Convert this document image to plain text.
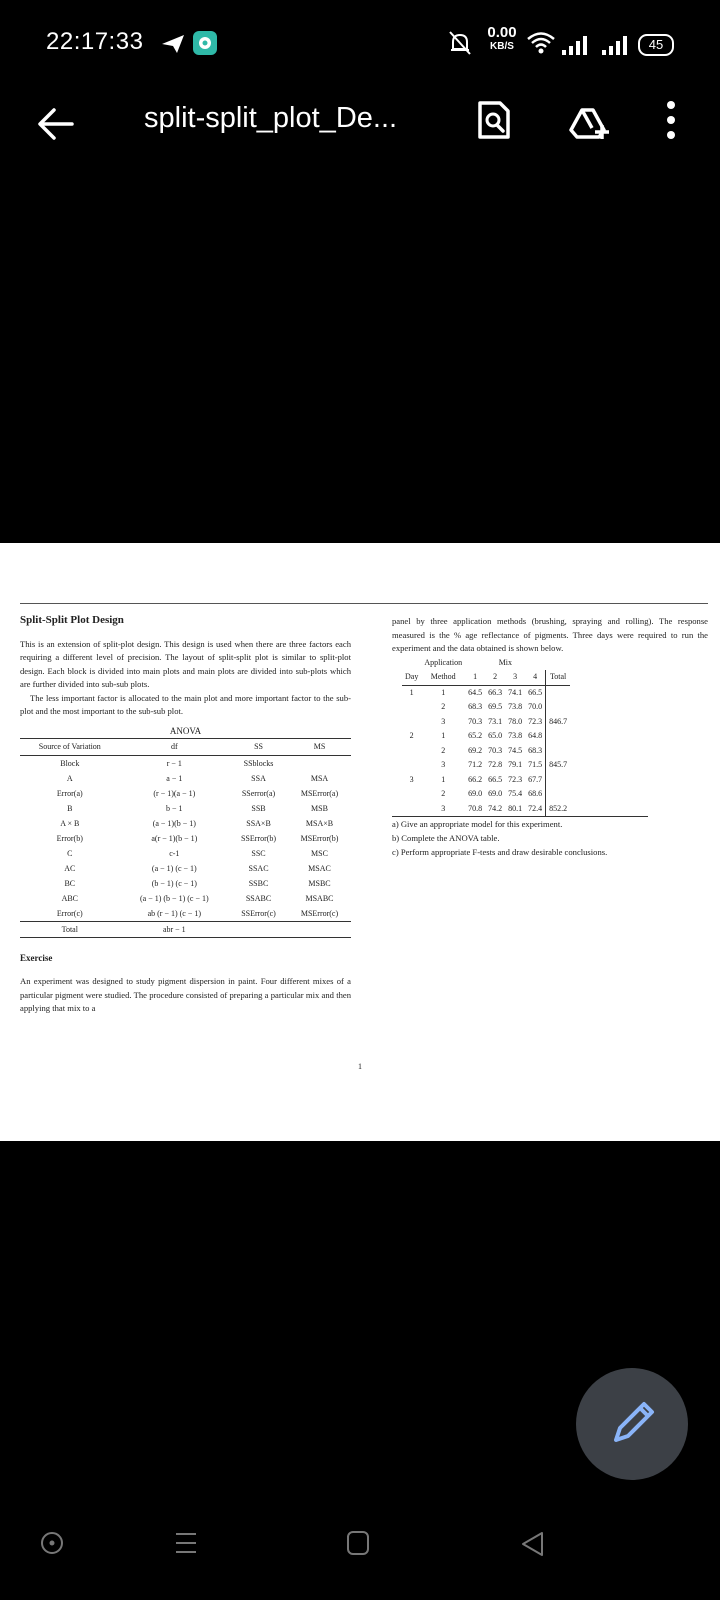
22:17:33	0.00
KB/S	45
split-split_plot_De...
Split-Split Plot Design

This is an extension of split-plot design. This design is used when there are three factors each requiring a different level of precision. The layout of split-split plot is similar to split-plot design. Each block is divided into main plots and main plots are divided into sub-plots which are further divided into sub-sub plots.

The less important factor is allocated to the main plot and more important factor to the sub-plot and the most important to the sub-sub plot.

ANOVA
Source of Variation	df	SS	MS
Block	r − 1	SSblocks	
A	a − 1	SSA	MSA
Error(a)	(r − 1)(a − 1)	SSerror(a)	MSError(a)
B	b − 1	SSB	MSB
A × B	(a − 1)(b − 1)	SSA×B	MSA×B
Error(b)	a(r − 1)(b − 1)	SSError(b)	MSError(b)
C	c-1	SSC	MSC
AC	(a − 1) (c − 1)	SSAC	MSAC
BC	(b − 1) (c − 1)	SSBC	MSBC
ABC	(a − 1) (b − 1) (c − 1)	SSABC	MSABC
Error(c)	ab (r − 1) (c − 1)	SSError(c)	MSError(c)
Total	abr − 1		
Exercise

An experiment was designed to study pigment dispersion in paint. Four different mixes of a particular pigment were studied. The procedure consisted of preparing a particular mix and then applying that mix to a

panel by three application methods (brushing, spraying and rolling). The response measured is the % age reflectance of pigments. Three days were required to run the experiment and the data obtained is shown below.

	Application	Mix				
Day	Method	1	2	3	4	Total
1	1	64.5	66.3	74.1	66.5	
	2	68.3	69.5	73.8	70.0	
	3	70.3	73.1	78.0	72.3	846.7
2	1	65.2	65.0	73.8	64.8	
	2	69.2	70.3	74.5	68.3	
	3	71.2	72.8	79.1	71.5	845.7
3	1	66.2	66.5	72.3	67.7	
	2	69.0	69.0	75.4	68.6	
	3	70.8	74.2	80.1	72.4	852.2
a) Give an appropriate model for this experiment.
b) Complete the ANOVA table.
c) Perform appropriate F-tests and draw desirable conclusions.
1
